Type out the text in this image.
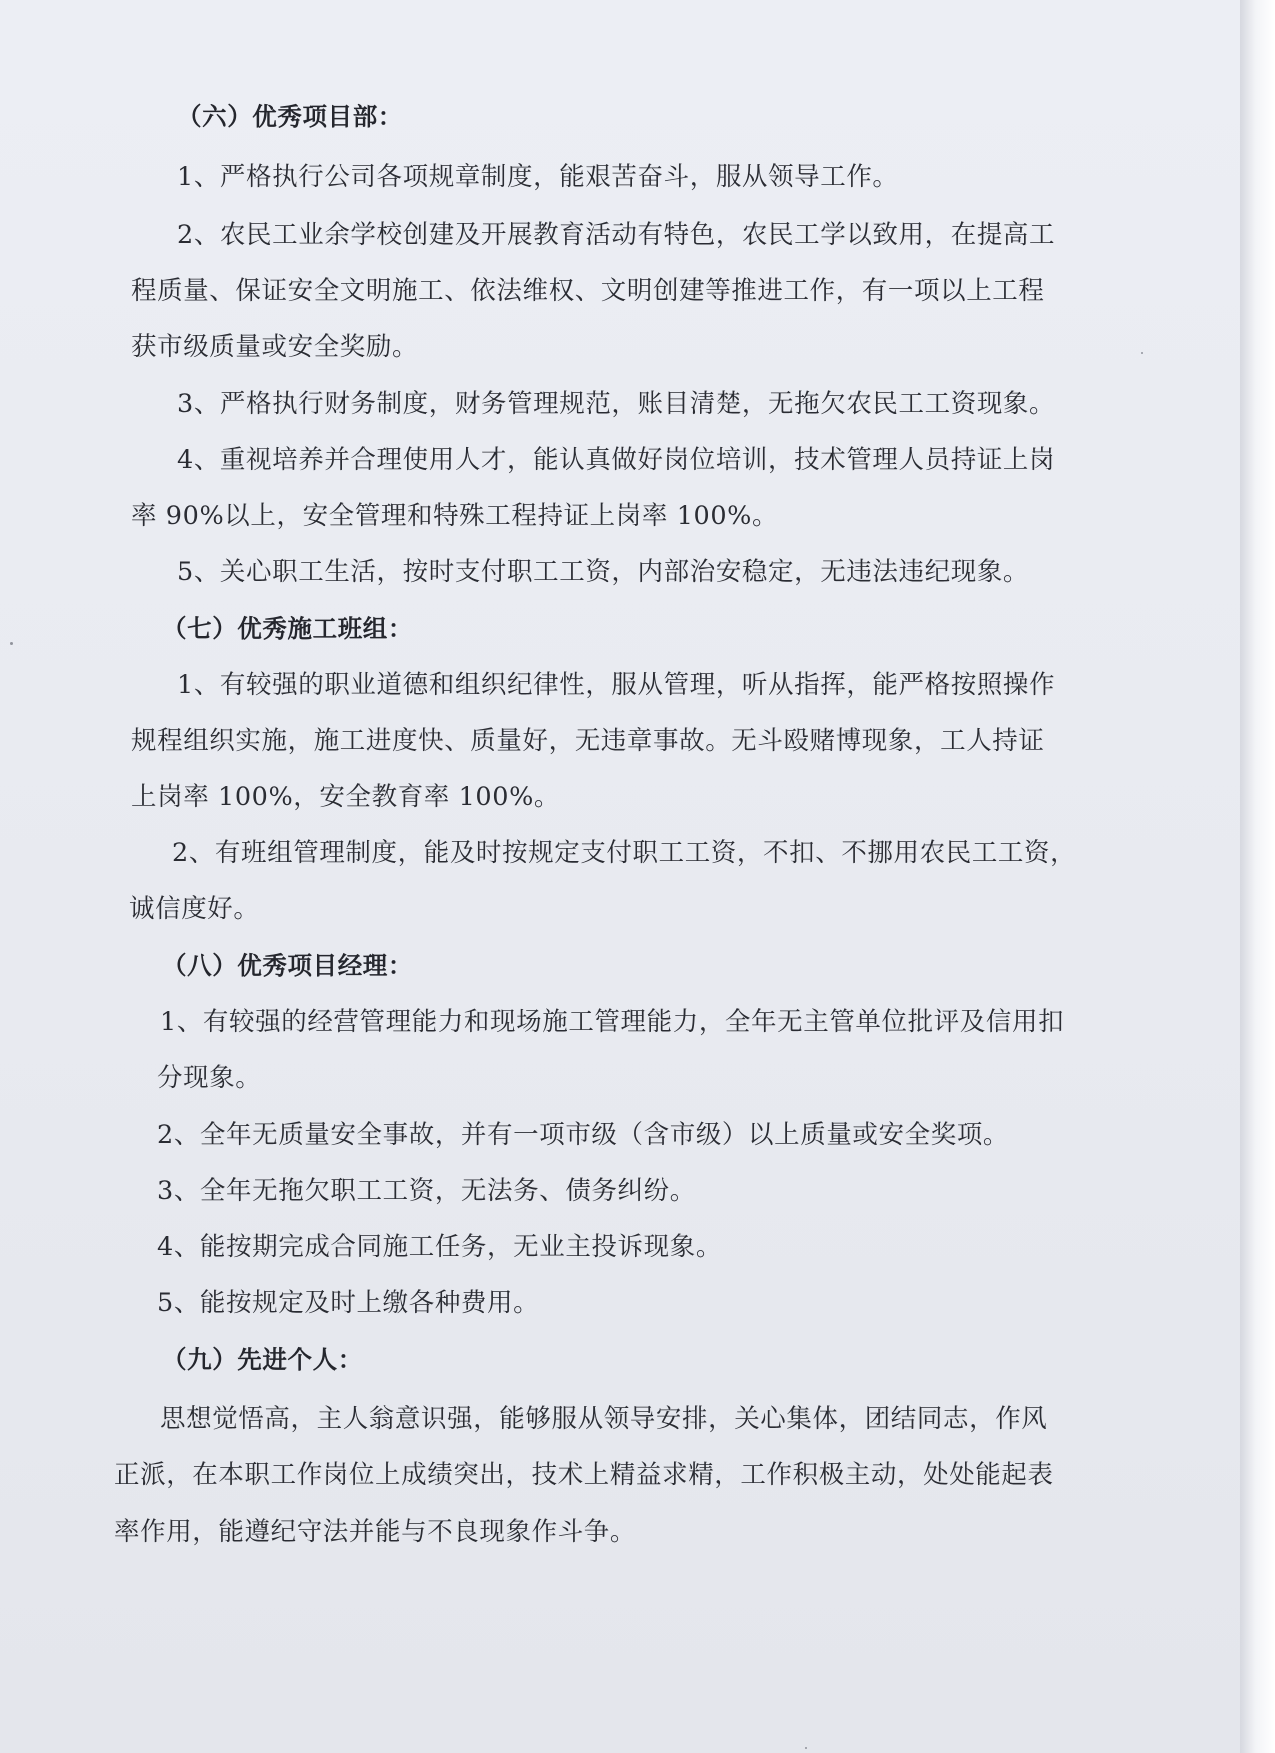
（六）优秀项目部：
1、严格执行公司各项规章制度，能艰苦奋斗，服从领导工作。
2、农民工业余学校创建及开展教育活动有特色，农民工学以致用，在提高工
程质量、保证安全文明施工、依法维权、文明创建等推进工作，有一项以上工程
获市级质量或安全奖励。
3、严格执行财务制度，财务管理规范，账目清楚，无拖欠农民工工资现象。
4、重视培养并合理使用人才，能认真做好岗位培训，技术管理人员持证上岗
率 90%以上，安全管理和特殊工程持证上岗率 100%。
5、关心职工生活，按时支付职工工资，内部治安稳定，无违法违纪现象。
（七）优秀施工班组：
1、有较强的职业道德和组织纪律性，服从管理，听从指挥，能严格按照操作
规程组织实施，施工进度快、质量好，无违章事故。无斗殴赌博现象，工人持证
上岗率 100%，安全教育率 100%。
2、有班组管理制度，能及时按规定支付职工工资，不扣、不挪用农民工工资，
诚信度好。
（八）优秀项目经理：
1、有较强的经营管理能力和现场施工管理能力，全年无主管单位批评及信用扣
分现象。
2、全年无质量安全事故，并有一项市级（含市级）以上质量或安全奖项。
3、全年无拖欠职工工资，无法务、债务纠纷。
4、能按期完成合同施工任务，无业主投诉现象。
5、能按规定及时上缴各种费用。
（九）先进个人：
思想觉悟高，主人翁意识强，能够服从领导安排，关心集体，团结同志，作风
正派，在本职工作岗位上成绩突出，技术上精益求精，工作积极主动，处处能起表
率作用，能遵纪守法并能与不良现象作斗争。
